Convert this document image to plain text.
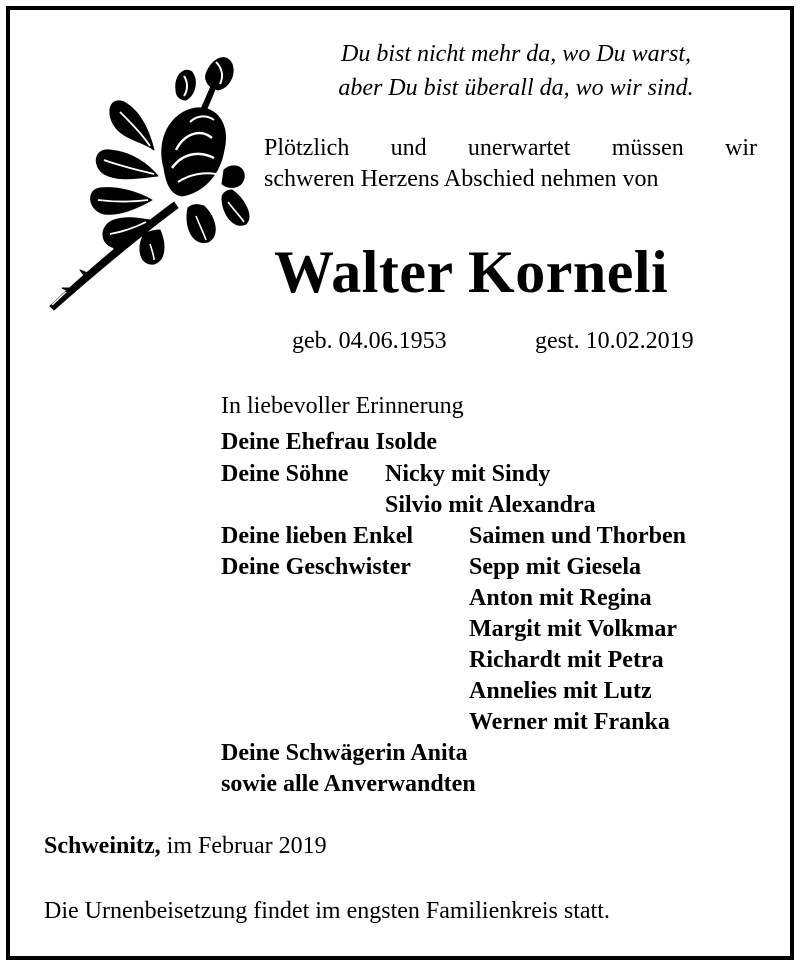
Du bist nicht mehr da, wo Du warst,
aber Du bist überall da, wo wir sind.
Plötzlich und unerwartet müssen wir
schweren Herzens Abschied nehmen von
Walter Korneli
geb. 04.06.1953	gest. 10.02.2019
In liebevoller Erinnerung
Deine Ehefrau Isolde
Deine Söhne Nicky mit Sindy
Silvio mit Alexandra
Deine lieben Enkel Saimen und Thorben
Deine Geschwister Sepp mit Giesela
Anton mit Regina
Margit mit Volkmar
Richardt mit Petra
Annelies mit Lutz
Werner mit Franka
Deine Schwägerin Anita
sowie alle Anverwandten
Schweinitz, im Februar 2019
Die Urnenbeisetzung findet im engsten Familienkreis statt.
